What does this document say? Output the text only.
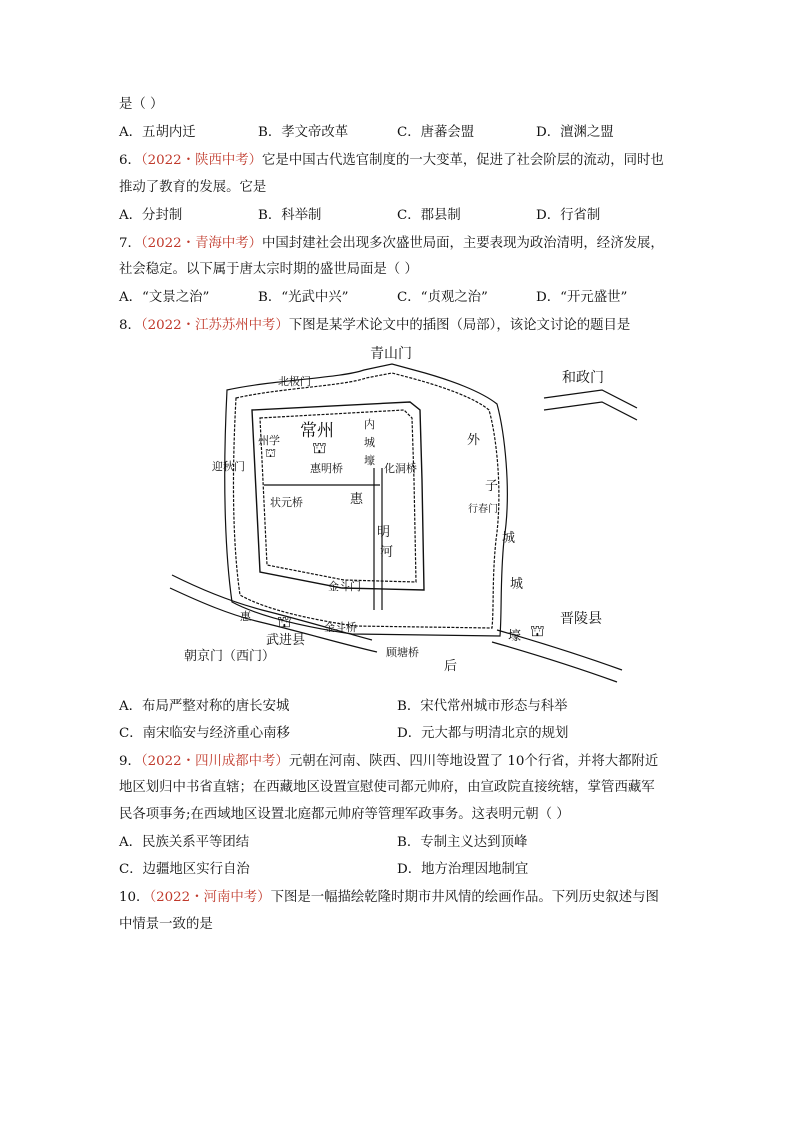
是（ ）
A．五胡内迁	B．孝文帝改革	C．唐蕃会盟	D．澶渊之盟
6．（2022・陕西中考）它是中国古代选官制度的一大变革，促进了社会阶层的流动，同时也
推动了教育的发展。它是
A．分封制	B．科举制	C．郡县制	D．行省制
7．（2022・青海中考）中国封建社会出现多次盛世局面，主要表现为政治清明，经济发展，
社会稳定。以下属于唐太宗时期的盛世局面是（ ）
A．“文景之治”	B．“光武中兴”	C．“贞观之治”	D．“开元盛世”
8．（2022・江苏苏州中考）下图是某学术论文中的插图（局部），该论文讨论的题目是
⛫
⛫
⛫	⛫
青山门
北极门	和政门
常州
州学
内
城
壕
迎秋门	惠明桥	化洞桥
外
子
行春门
状元桥	惠
明
河
城
城
壕
金斗门
金斗桥
惠
武进县
晋陵县
朝京门（西门）	顾塘桥
后
A．布局严整对称的唐长安城	B．宋代常州城市形态与科举
C．南宋临安与经济重心南移	D．元大都与明清北京的规划
9．（2022・四川成都中考）元朝在河南、陕西、四川等地设置了 10个行省，并将大都附近
地区划归中书省直辖；在西藏地区设置宣慰使司都元帅府，由宣政院直接统辖，掌管西藏军
民各项事务;在西域地区设置北庭都元帅府等管理军政事务。这表明元朝（ ）
A．民族关系平等团结	B．专制主义达到顶峰
C．边疆地区实行自治	D．地方治理因地制宜
10．（2022・河南中考）下图是一幅描绘乾隆时期市井风情的绘画作品。下列历史叙述与图
中情景一致的是
